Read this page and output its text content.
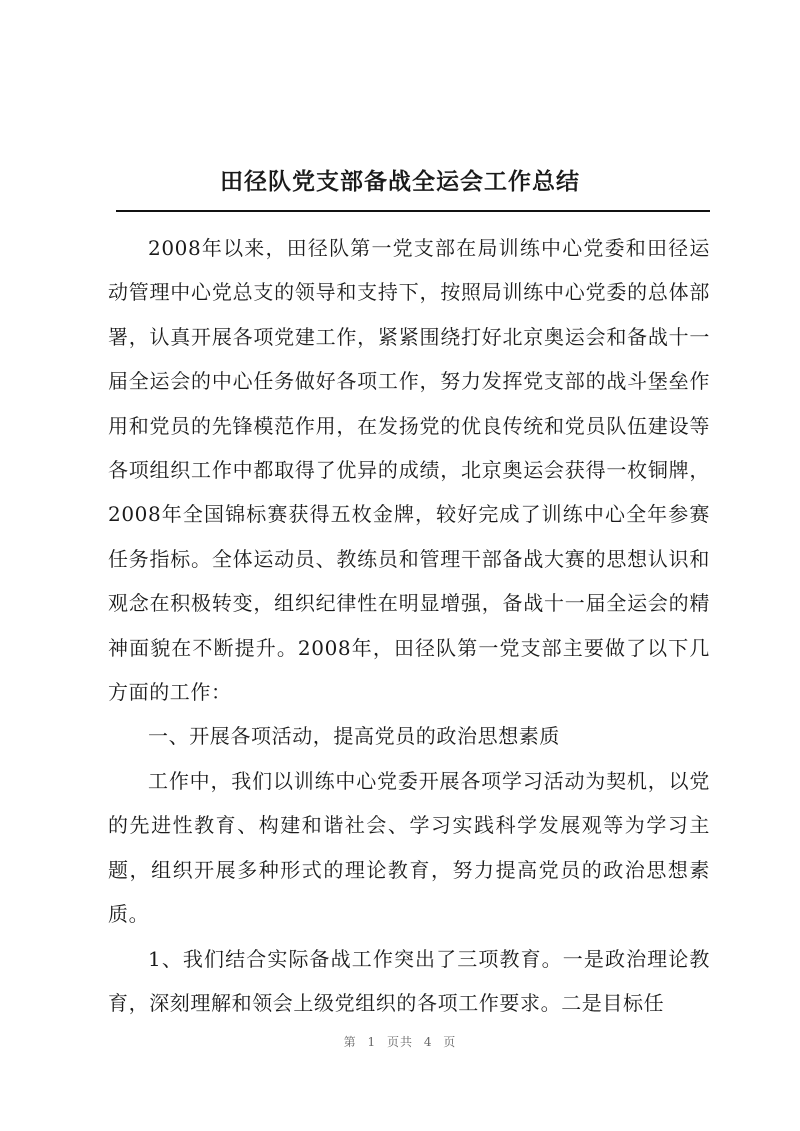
田径队党支部备战全运会工作总结

2008年以来，田径队第一党支部在局训练中心党委和田径运动管理中心党总支的领导和支持下，按照局训练中心党委的总体部署，认真开展各项党建工作，紧紧围绕打好北京奥运会和备战十一届全运会的中心任务做好各项工作，努力发挥党支部的战斗堡垒作用和党员的先锋模范作用，在发扬党的优良传统和党员队伍建设等各项组织工作中都取得了优异的成绩，北京奥运会获得一枚铜牌，2008年全国锦标赛获得五枚金牌，较好完成了训练中心全年参赛任务指标。全体运动员、教练员和管理干部备战大赛的思想认识和观念在积极转变，组织纪律性在明显增强，备战十一届全运会的精神面貌在不断提升。2008年，田径队第一党支部主要做了以下几方面的工作：

一、开展各项活动，提高党员的政治思想素质

工作中，我们以训练中心党委开展各项学习活动为契机，以党的先进性教育、构建和谐社会、学习实践科学发展观等为学习主题，组织开展多种形式的理论教育，努力提高党员的政治思想素质。

1、我们结合实际备战工作突出了三项教育。一是政治理论教育，深刻理解和领会上级党组织的各项工作要求。二是目标任

第 1 页共 4 页
